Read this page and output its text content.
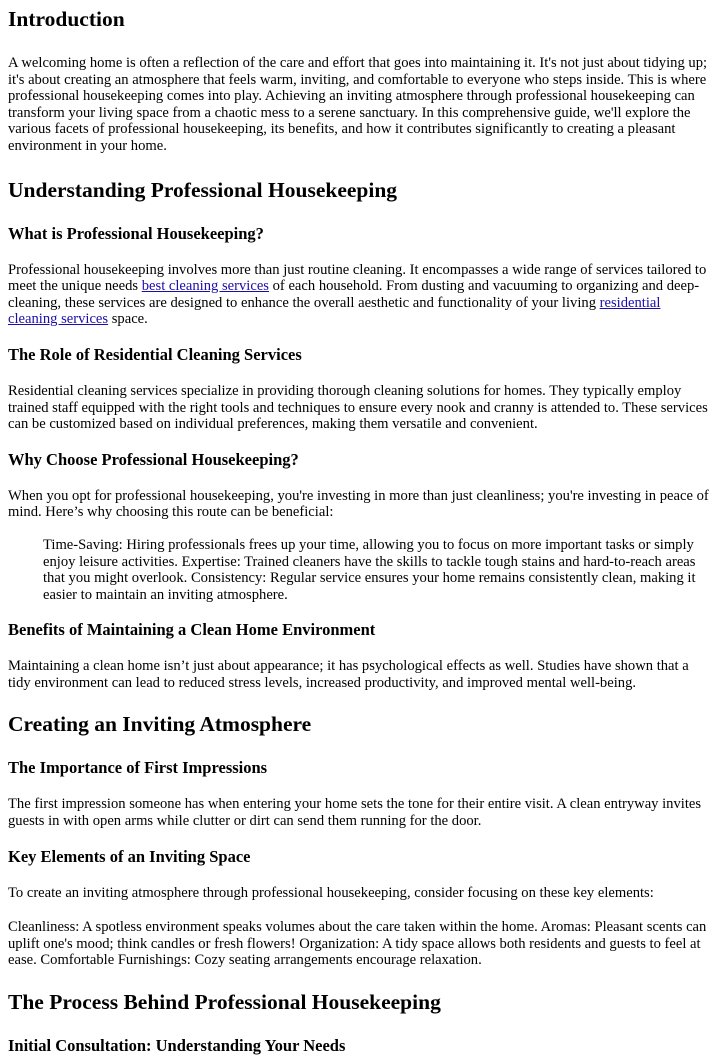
Introduction

A welcoming home is often a reflection of the care and effort that goes into maintaining it. It's not just about tidying up; it's about creating an atmosphere that feels warm, inviting, and comfortable to everyone who steps inside. This is where professional housekeeping comes into play. Achieving an inviting atmosphere through professional housekeeping can transform your living space from a chaotic mess to a serene sanctuary. In this comprehensive guide, we'll explore the various facets of professional housekeeping, its benefits, and how it contributes significantly to creating a pleasant environment in your home.

Understanding Professional Housekeeping
What is Professional Housekeeping?

Professional housekeeping involves more than just routine cleaning. It encompasses a wide range of services tailored to meet the unique needs best cleaning services of each household. From dusting and vacuuming to organizing and deep-cleaning, these services are designed to enhance the overall aesthetic and functionality of your living residential cleaning services space.

The Role of Residential Cleaning Services

Residential cleaning services specialize in providing thorough cleaning solutions for homes. They typically employ trained staff equipped with the right tools and techniques to ensure every nook and cranny is attended to. These services can be customized based on individual preferences, making them versatile and convenient.

Why Choose Professional Housekeeping?

When you opt for professional housekeeping, you're investing in more than just cleanliness; you're investing in peace of mind. Here’s why choosing this route can be beneficial:

Time-Saving: Hiring professionals frees up your time, allowing you to focus on more important tasks or simply enjoy leisure activities. Expertise: Trained cleaners have the skills to tackle tough stains and hard-to-reach areas that you might overlook. Consistency: Regular service ensures your home remains consistently clean, making it easier to maintain an inviting atmosphere.
Benefits of Maintaining a Clean Home Environment

Maintaining a clean home isn’t just about appearance; it has psychological effects as well. Studies have shown that a tidy environment can lead to reduced stress levels, increased productivity, and improved mental well-being.

Creating an Inviting Atmosphere
The Importance of First Impressions

The first impression someone has when entering your home sets the tone for their entire visit. A clean entryway invites guests in with open arms while clutter or dirt can send them running for the door.

Key Elements of an Inviting Space

To create an inviting atmosphere through professional housekeeping, consider focusing on these key elements:

Cleanliness: A spotless environment speaks volumes about the care taken within the home. Aromas: Pleasant scents can uplift one's mood; think candles or fresh flowers! Organization: A tidy space allows both residents and guests to feel at ease. Comfortable Furnishings: Cozy seating arrangements encourage relaxation.

The Process Behind Professional Housekeeping
Initial Consultation: Understanding Your Needs
